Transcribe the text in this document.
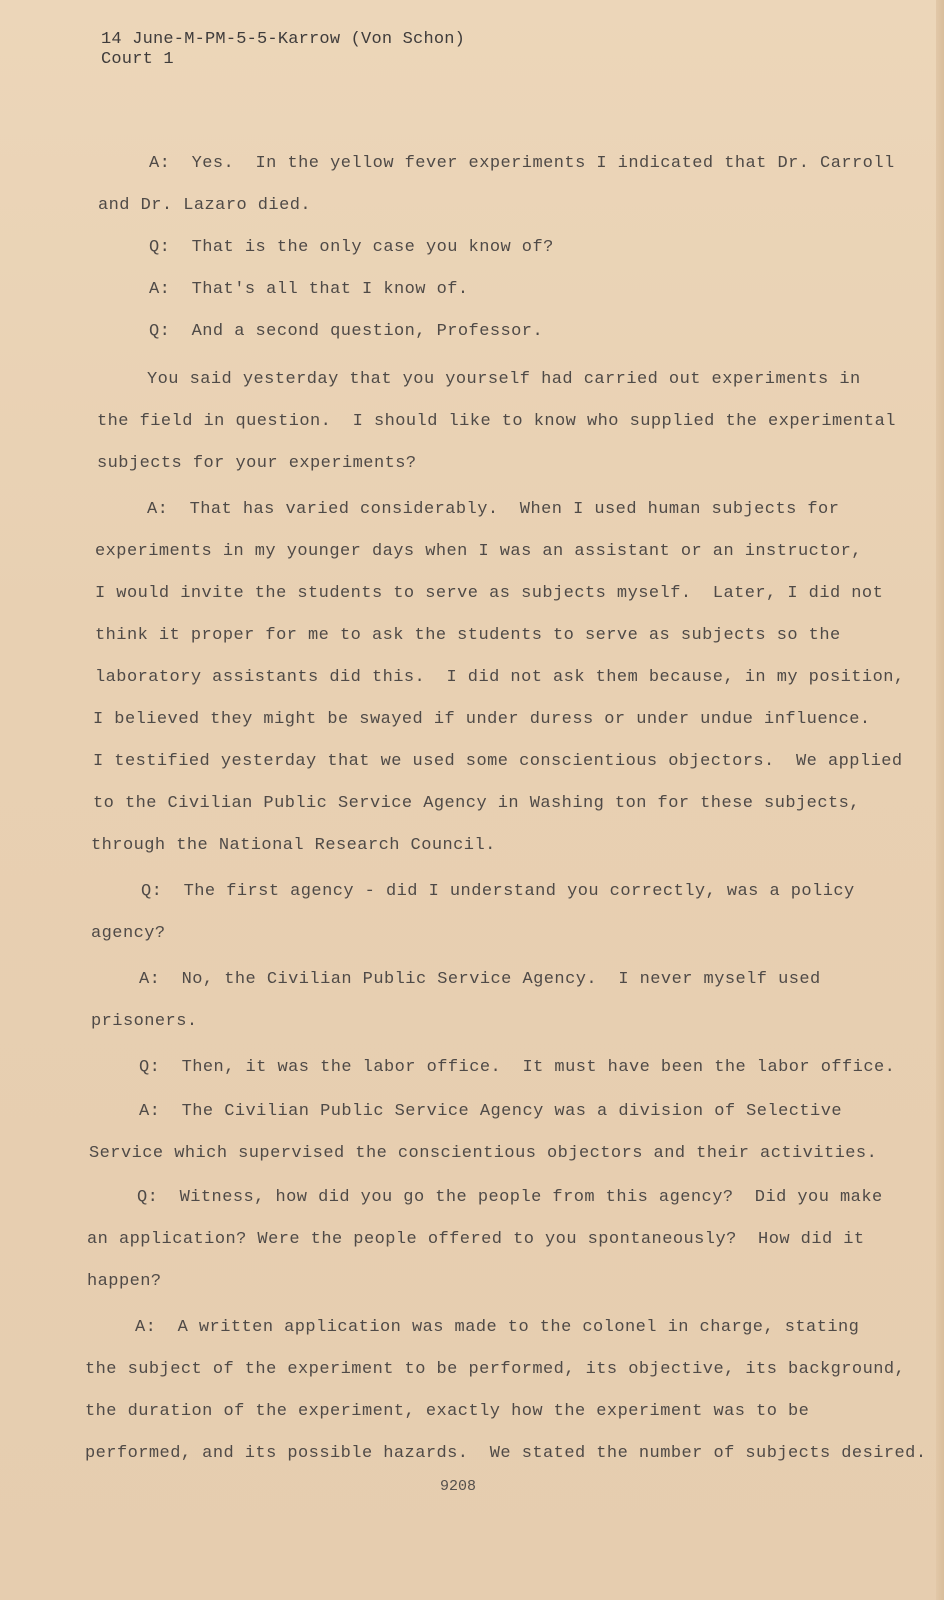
14 June-M-PM-5-5-Karrow (Von Schon)
Court 1
A:  Yes.  In the yellow fever experiments I indicated that Dr. Carroll
and Dr. Lazaro died.
Q:  That is the only case you know of?
A:  That's all that I know of.
Q:  And a second question, Professor.
You said yesterday that you yourself had carried out experiments in
the field in question.  I should like to know who supplied the experimental
subjects for your experiments?
A:  That has varied considerably.  When I used human subjects for
experiments in my younger days when I was an assistant or an instructor,
I would invite the students to serve as subjects myself.  Later, I did not
think it proper for me to ask the students to serve as subjects so the
laboratory assistants did this.  I did not ask them because, in my position,
I believed they might be swayed if under duress or under undue influence.
I testified yesterday that we used some conscientious objectors.  We applied
to the Civilian Public Service Agency in Washing ton for these subjects,
through the National Research Council.
Q:  The first agency - did I understand you correctly, was a policy
agency?
A:  No, the Civilian Public Service Agency.  I never myself used
prisoners.
Q:  Then, it was the labor office.  It must have been the labor office.
A:  The Civilian Public Service Agency was a division of Selective
Service which supervised the conscientious objectors and their activities.
Q:  Witness, how did you go the people from this agency?  Did you make
an application? Were the people offered to you spontaneously?  How did it
happen?
A:  A written application was made to the colonel in charge, stating
the subject of the experiment to be performed, its objective, its background,
the duration of the experiment, exactly how the experiment was to be
performed, and its possible hazards.  We stated the number of subjects desired.
9208
